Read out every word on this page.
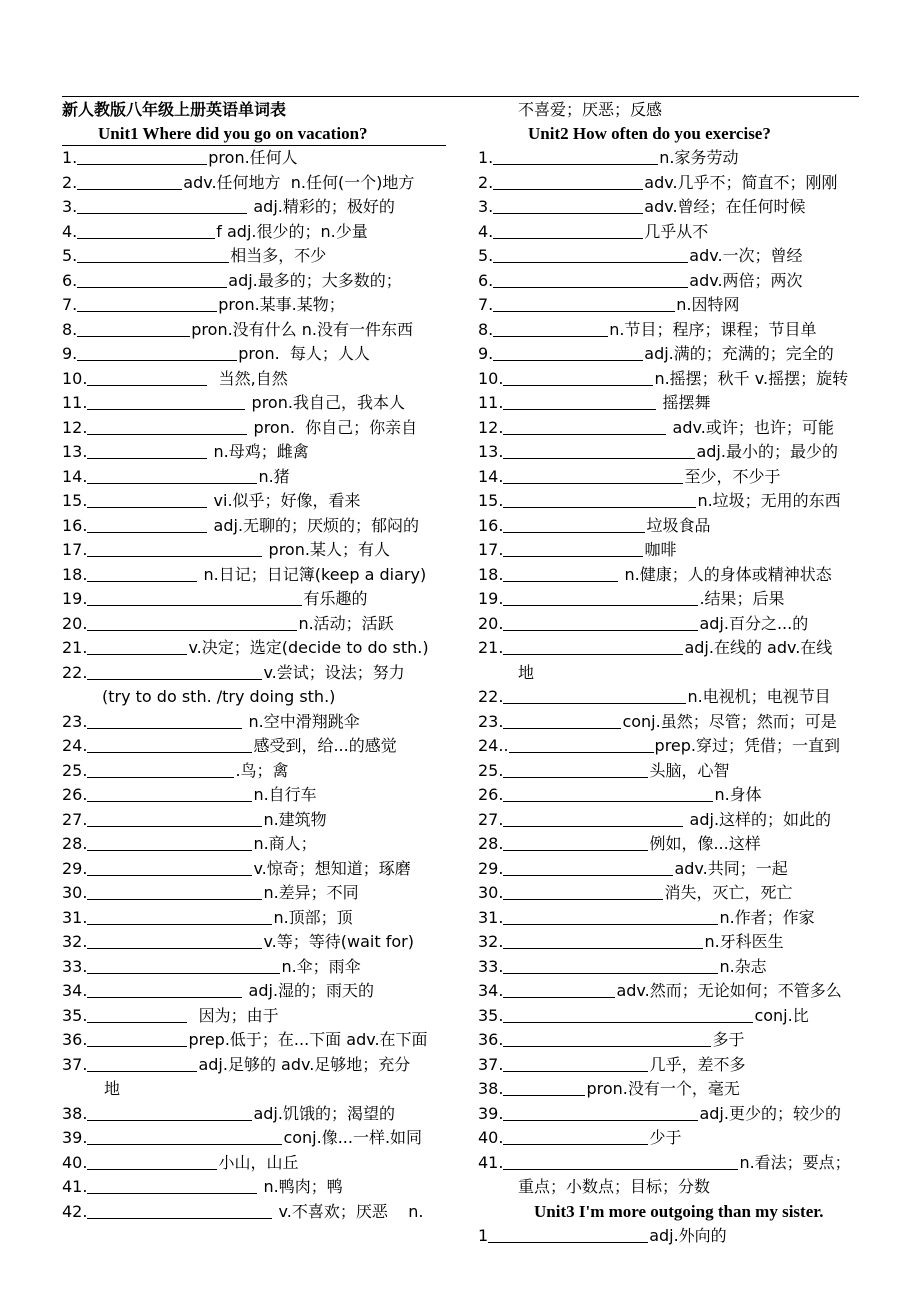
新人教版八年级上册英语单词表
Unit1 Where did you go on vacation?
1.	pron.任何人
2.	adv.任何地方  n.任何(一个)地方
3.	adj.精彩的；极好的
4.	f adj.很少的；n.少量
5.	相当多，不少
6.	adj.最多的；大多数的；
7.	pron.某事.某物；
8.	pron.没有什么 n.没有一件东西
9.	pron.  每人；人人
10.	当然,自然
11.	pron.我自己，我本人
12.	pron.  你自己；你亲自
13.	n.母鸡；雌禽
14.	n.猪
15.	vi.似乎；好像，看来
16.	adj.无聊的；厌烦的；郁闷的
17.	pron.某人；有人
18.	n.日记；日记簿(keep a diary)
19.	有乐趣的
20.	n.活动；活跃
21.	v.决定；选定(decide to do sth.)
22.	v.尝试；设法；努力
(try to do sth. /try doing sth.)
23.	n.空中滑翔跳伞
24.	感受到，给...的感觉
25.	.鸟；禽
26.	n.自行车
27.	n.建筑物
28.	n.商人；
29.	v.惊奇；想知道；琢磨
30.	n.差异；不同
31.	n.顶部；顶
32.	v.等；等待(wait for)
33.	n.伞；雨伞
34.	adj.湿的；雨天的
35.	因为；由于
36.	prep.低于；在...下面 adv.在下面
37.	adj.足够的 adv.足够地；充分
地
38.	adj.饥饿的；渴望的
39.	conj.像...一样.如同
40.	小山，山丘
41.	n.鸭肉；鸭
42.	v.不喜欢；厌恶    n.
不喜爱；厌恶；反感
Unit2 How often do you exercise?
1.	n.家务劳动
2.	adv.几乎不；简直不；刚刚
3.	adv.曾经；在任何时候
4.	几乎从不
5.	adv.一次；曾经
6.	adv.两倍；两次
7.	n.因特网
8.	n.节目；程序；课程；节目单
9.	adj.满的；充满的；完全的
10.	n.摇摆；秋千 v.摇摆；旋转
11.	摇摆舞
12.	adv.或许；也许；可能
13.	adj.最小的；最少的
14.	至少，不少于
15.	n.垃圾；无用的东西
16.	垃圾食品
17.	咖啡
18.	n.健康；人的身体或精神状态
19.	.结果；后果
20.	adj.百分之...的
21.	adj.在线的 adv.在线
地
22.	n.电视机；电视节目
23.	conj.虽然；尽管；然而；可是
24..	prep.穿过；凭借；一直到
25.	头脑，心智
26.	n.身体
27.	adj.这样的；如此的
28.	例如，像...这样
29.	adv.共同；一起
30.	消失，灭亡，死亡
31.	n.作者；作家
32.	n.牙科医生
33.	n.杂志
34.	adv.然而；无论如何；不管多么
35.	conj.比
36.	多于
37.	几乎，差不多
38.	pron.没有一个，毫无
39.	adj.更少的；较少的
40.	少于
41.	n.看法；要点；
重点；小数点；目标；分数
Unit3 I'm more outgoing than my sister.
1	adj.外向的
